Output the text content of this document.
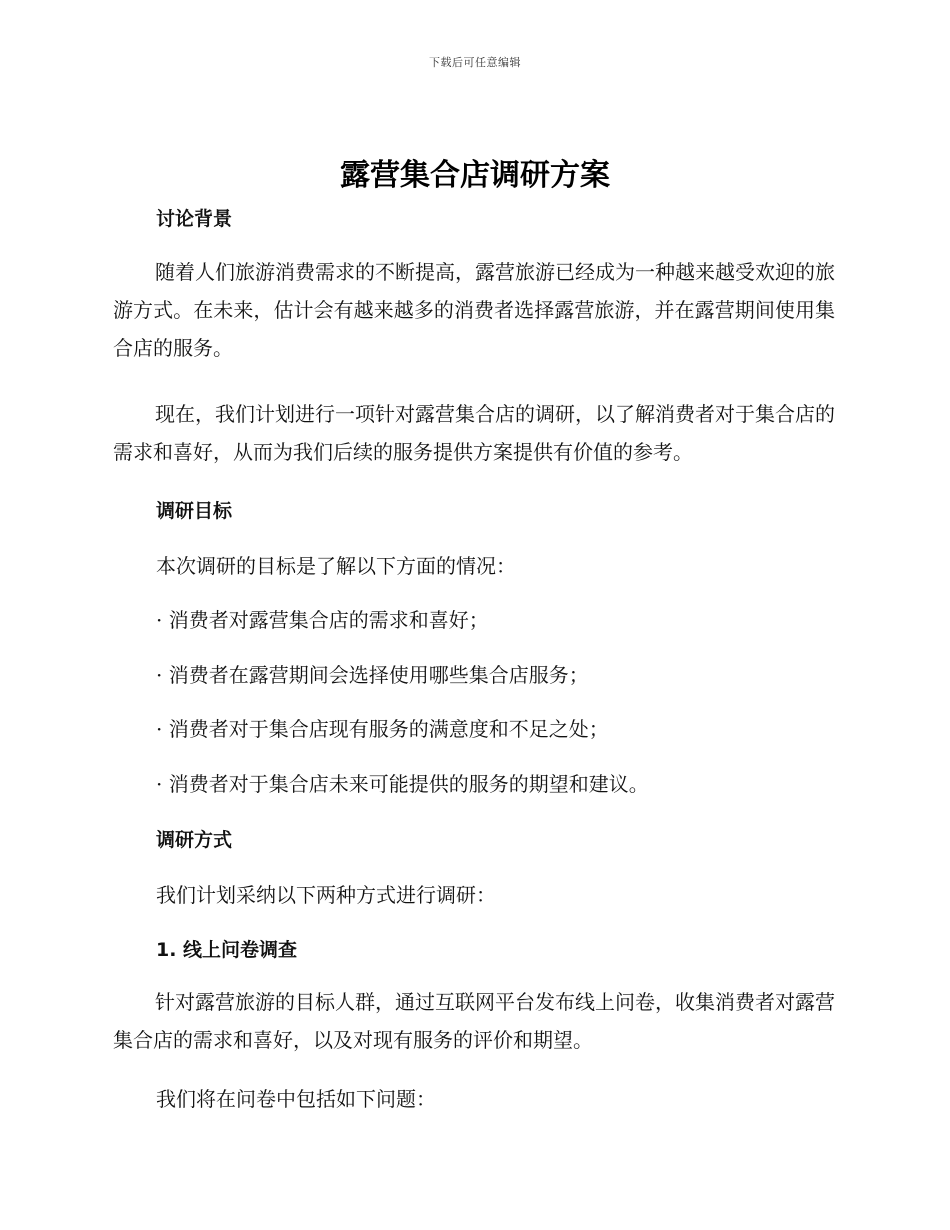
下载后可任意编辑
露营集合店调研方案

讨论背景

随着人们旅游消费需求的不断提高，露营旅游已经成为一种越来越受欢迎的旅游方式。在未来，估计会有越来越多的消费者选择露营旅游，并在露营期间使用集合店的服务。

现在，我们计划进行一项针对露营集合店的调研，以了解消费者对于集合店的需求和喜好，从而为我们后续的服务提供方案提供有价值的参考。

调研目标

本次调研的目标是了解以下方面的情况：

· 消费者对露营集合店的需求和喜好；

· 消费者在露营期间会选择使用哪些集合店服务；

· 消费者对于集合店现有服务的满意度和不足之处；

· 消费者对于集合店未来可能提供的服务的期望和建议。

调研方式

我们计划采纳以下两种方式进行调研：

1. 线上问卷调查

针对露营旅游的目标人群，通过互联网平台发布线上问卷，收集消费者对露营集合店的需求和喜好，以及对现有服务的评价和期望。

我们将在问卷中包括如下问题：
